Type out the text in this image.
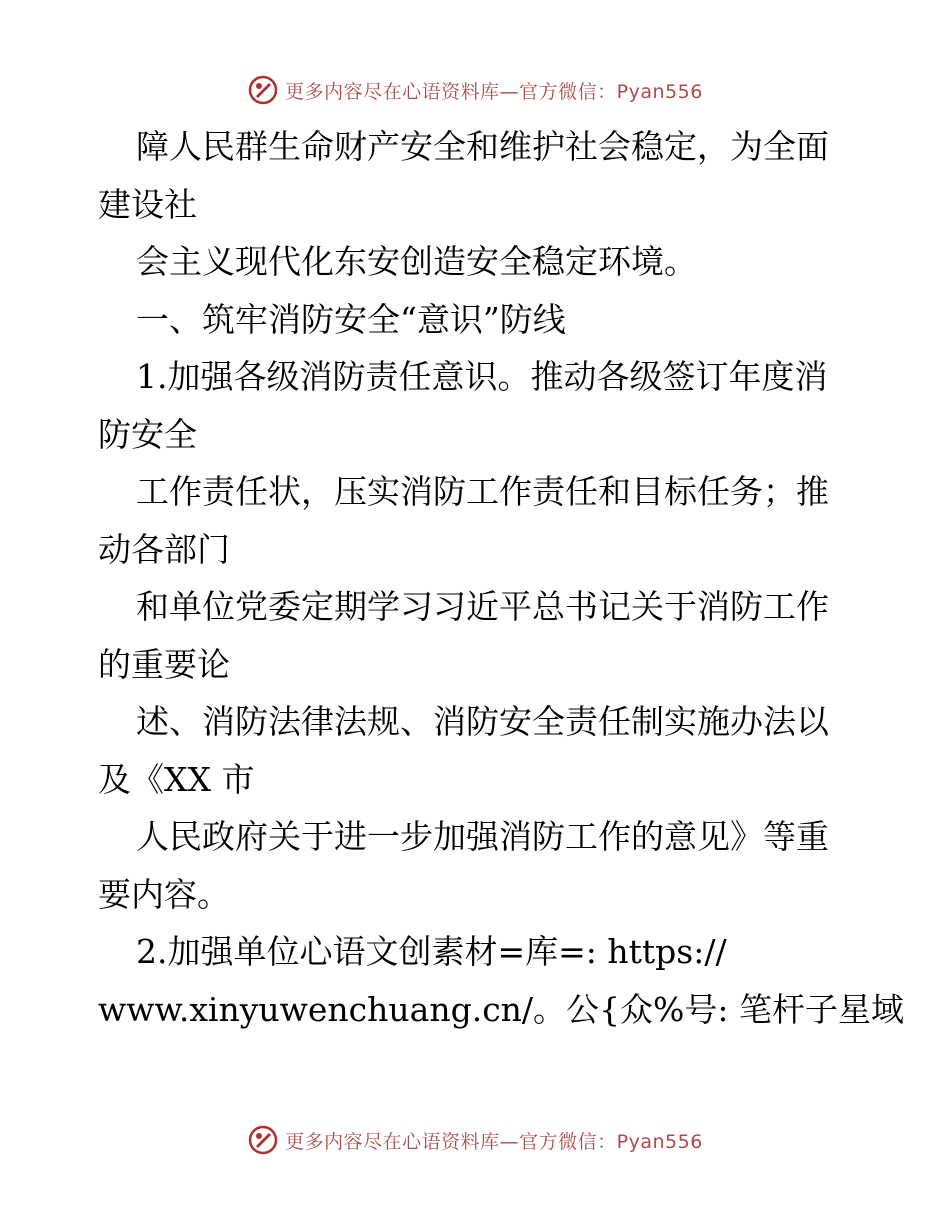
更多内容尽在心语资料库—官方微信：Pyan556
障人民群生命财产安全和维护社会稳定，为全面
建设社
会主义现代化东安创造安全稳定环境。
一、筑牢消防安全“意识”防线
1.加强各级消防责任意识。推动各级签订年度消
防安全
工作责任状，压实消防工作责任和目标任务；推
动各部门
和单位党委定期学习习近平总书记关于消防工作
的重要论
述、消防法律法规、消防安全责任制实施办法以
及《XX 市
人民政府关于进一步加强消防工作的意见》等重
要内容。
2.加强单位心语文创素材=库=: https://
www.xinyuwenchuang.cn/。公{众%号: 笔杆子星域
更多内容尽在心语资料库—官方微信：Pyan556
